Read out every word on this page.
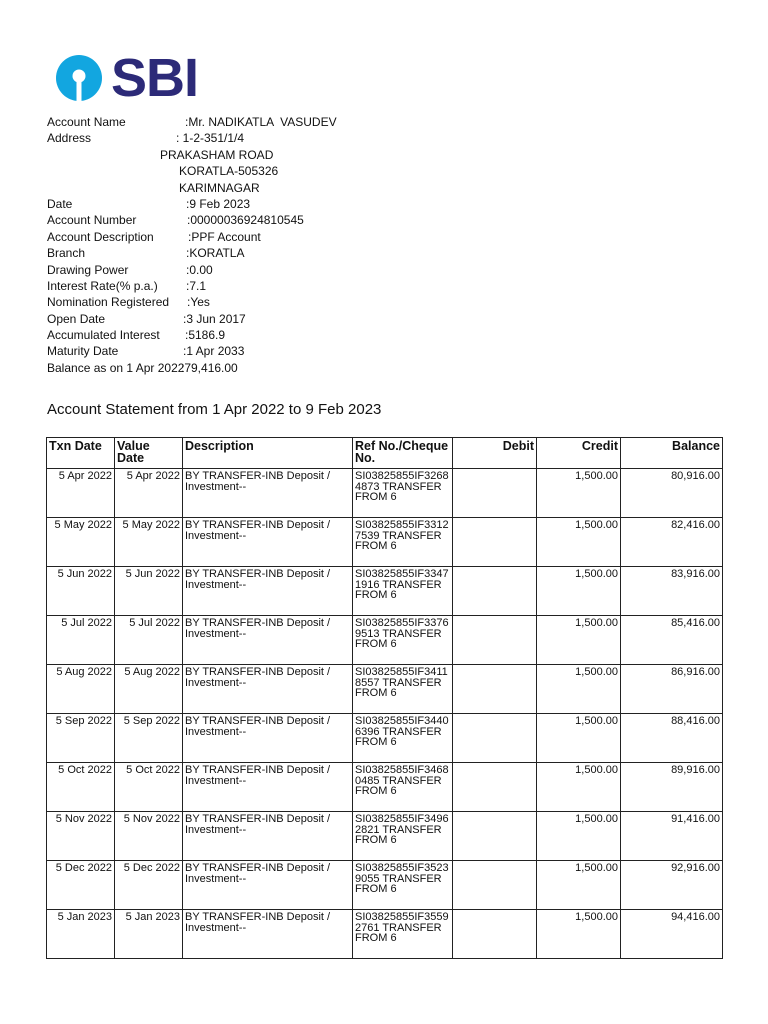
SBI
Account Name	:Mr. NADIKATLA  VASUDEV
Address	: 1-2-351/1/4
PRAKASHAM ROAD
KORATLA-505326
KARIMNAGAR
Date	:9 Feb 2023
Account Number	:00000036924810545
Account Description	:PPF Account
Branch	:KORATLA
Drawing Power	:0.00
Interest Rate(% p.a.) :7.1
Nomination Registered :Yes
Open Date	:3 Jun 2017
Accumulated Interest :5186.9
Maturity Date	:1 Apr 2033
Balance as on 1 Apr 2022
:79,416.00
Account Statement from 1 Apr 2022 to 9 Feb 2023
Txn Date	Value Date	Description	Ref No./Cheque No.	Debit	Credit	Balance
5 Apr 2022	5 Apr 2022	BY TRANSFER-INB Deposit / Investment--	SI03825855IF32684873 TRANSFER FROM 6		1,500.00	80,916.00
5 May 2022	5 May 2022	BY TRANSFER-INB Deposit / Investment--	SI03825855IF33127539 TRANSFER FROM 6		1,500.00	82,416.00
5 Jun 2022	5 Jun 2022	BY TRANSFER-INB Deposit / Investment--	SI03825855IF33471916 TRANSFER FROM 6		1,500.00	83,916.00
5 Jul 2022	5 Jul 2022	BY TRANSFER-INB Deposit / Investment--	SI03825855IF33769513 TRANSFER FROM 6		1,500.00	85,416.00
5 Aug 2022	5 Aug 2022	BY TRANSFER-INB Deposit / Investment--	SI03825855IF34118557 TRANSFER FROM 6		1,500.00	86,916.00
5 Sep 2022	5 Sep 2022	BY TRANSFER-INB Deposit / Investment--	SI03825855IF34406396 TRANSFER FROM 6		1,500.00	88,416.00
5 Oct 2022	5 Oct 2022	BY TRANSFER-INB Deposit / Investment--	SI03825855IF34680485 TRANSFER FROM 6		1,500.00	89,916.00
5 Nov 2022	5 Nov 2022	BY TRANSFER-INB Deposit / Investment--	SI03825855IF34962821 TRANSFER FROM 6		1,500.00	91,416.00
5 Dec 2022	5 Dec 2022	BY TRANSFER-INB Deposit / Investment--	SI03825855IF35239055 TRANSFER FROM 6		1,500.00	92,916.00
5 Jan 2023	5 Jan 2023	BY TRANSFER-INB Deposit / Investment--	SI03825855IF35592761 TRANSFER FROM 6		1,500.00	94,416.00
